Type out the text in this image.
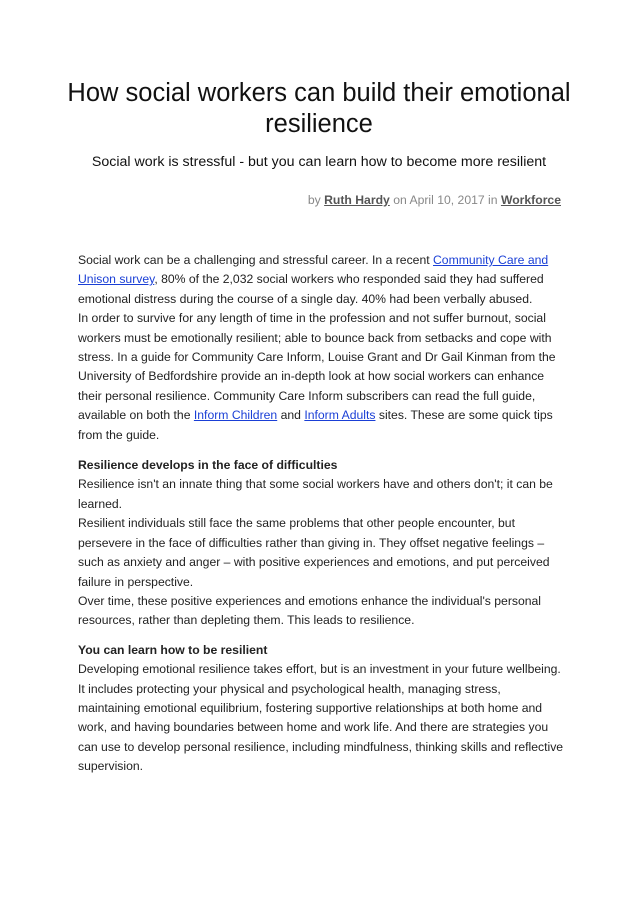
How social workers can build their emotional resilience

Social work is stressful - but you can learn how to become more resilient

by Ruth Hardy on April 10, 2017 in Workforce

Social work can be a challenging and stressful career. In a recent Community Care and Unison survey, 80% of the 2,032 social workers who responded said they had suffered emotional distress during the course of a single day. 40% had been verbally abused.

In order to survive for any length of time in the profession and not suffer burnout, social workers must be emotionally resilient; able to bounce back from setbacks and cope with stress. In a guide for Community Care Inform, Louise Grant and Dr Gail Kinman from the University of Bedfordshire provide an in-depth look at how social workers can enhance their personal resilience. Community Care Inform subscribers can read the full guide, available on both the Inform Children and Inform Adults sites. These are some quick tips from the guide.

Resilience develops in the face of difficulties

Resilience isn't an innate thing that some social workers have and others don't; it can be learned.

Resilient individuals still face the same problems that other people encounter, but persevere in the face of difficulties rather than giving in. They offset negative feelings – such as anxiety and anger – with positive experiences and emotions, and put perceived failure in perspective.

Over time, these positive experiences and emotions enhance the individual's personal resources, rather than depleting them. This leads to resilience.

You can learn how to be resilient

Developing emotional resilience takes effort, but is an investment in your future wellbeing. It includes protecting your physical and psychological health, managing stress, maintaining emotional equilibrium, fostering supportive relationships at both home and work, and having boundaries between home and work life. And there are strategies you can use to develop personal resilience, including mindfulness, thinking skills and reflective supervision.
